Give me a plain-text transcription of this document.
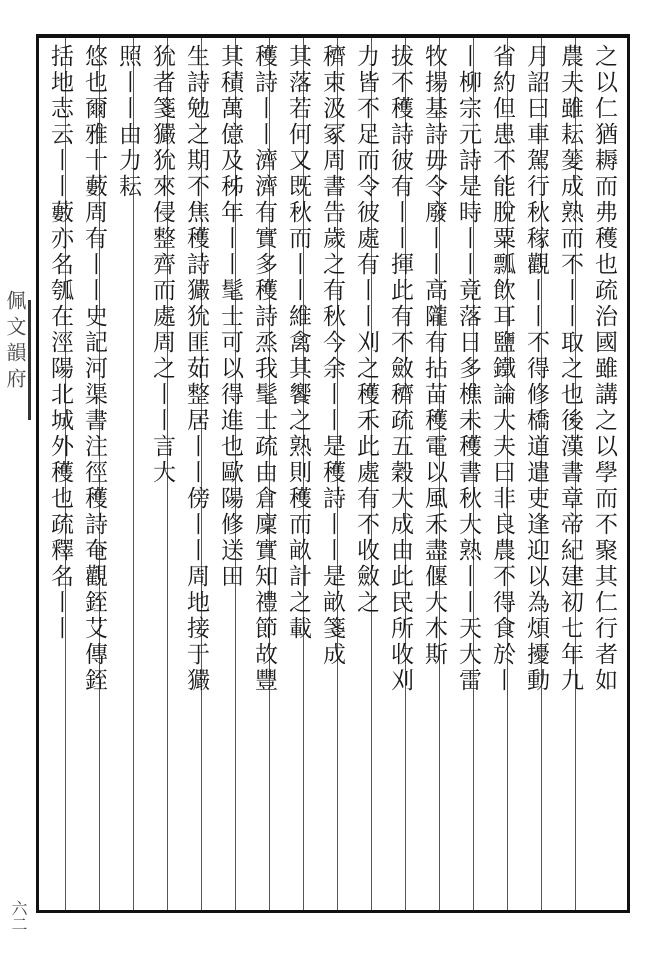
之以仁猶耨而弗穫也疏治國雖講之以學而不聚其仁行者如
農夫雖耘蓌成熟而不丨丨取之也後漢書章帝紀建初七年九
月詔曰車駕行秋稼觀丨丨不得修橋道遣吏逢迎以為煩擾動
省約但患不能脫粟瓢飲耳鹽鐵論大夫曰非良農不得食於丨
丨柳宗元詩是時丨丨竟落日多樵未穫書秋大熟丨丨天大雷
牧揚基詩毋令廢丨丨高隴有拈苗穫電以風禾盡偃大木斯
拔不穫詩彼有丨丨揮此有不斂穧疏五穀大成由此民所收刈
力皆不足而令彼處有丨丨刈之穫禾此處有不收斂之
穧束汲冢周書告歲之有秋今余丨丨是穫詩丨丨是畝箋成
其落若何又既秋而丨丨維禽其饗之熟則穫而畝計之載
穫詩丨丨濟濟有實多穫詩烝我髦士疏由倉廩實知禮節故豐
其積萬億及秭年丨丨髦士可以得進也歐陽修送田
生詩勉之期不焦穫詩玁狁匪茹整居丨丨傍丨丨周地接于玁
狁者箋玁狁來侵整齊而處周之丨丨言大
照丨丨由力耘
悠也爾雅十藪周有丨丨史記河渠書注徑穫詩奄觀銍艾傳銍
括地志云丨丨藪亦名瓠在涇陽北城外穫也疏釋名丨丨
佩文韻府
六二
